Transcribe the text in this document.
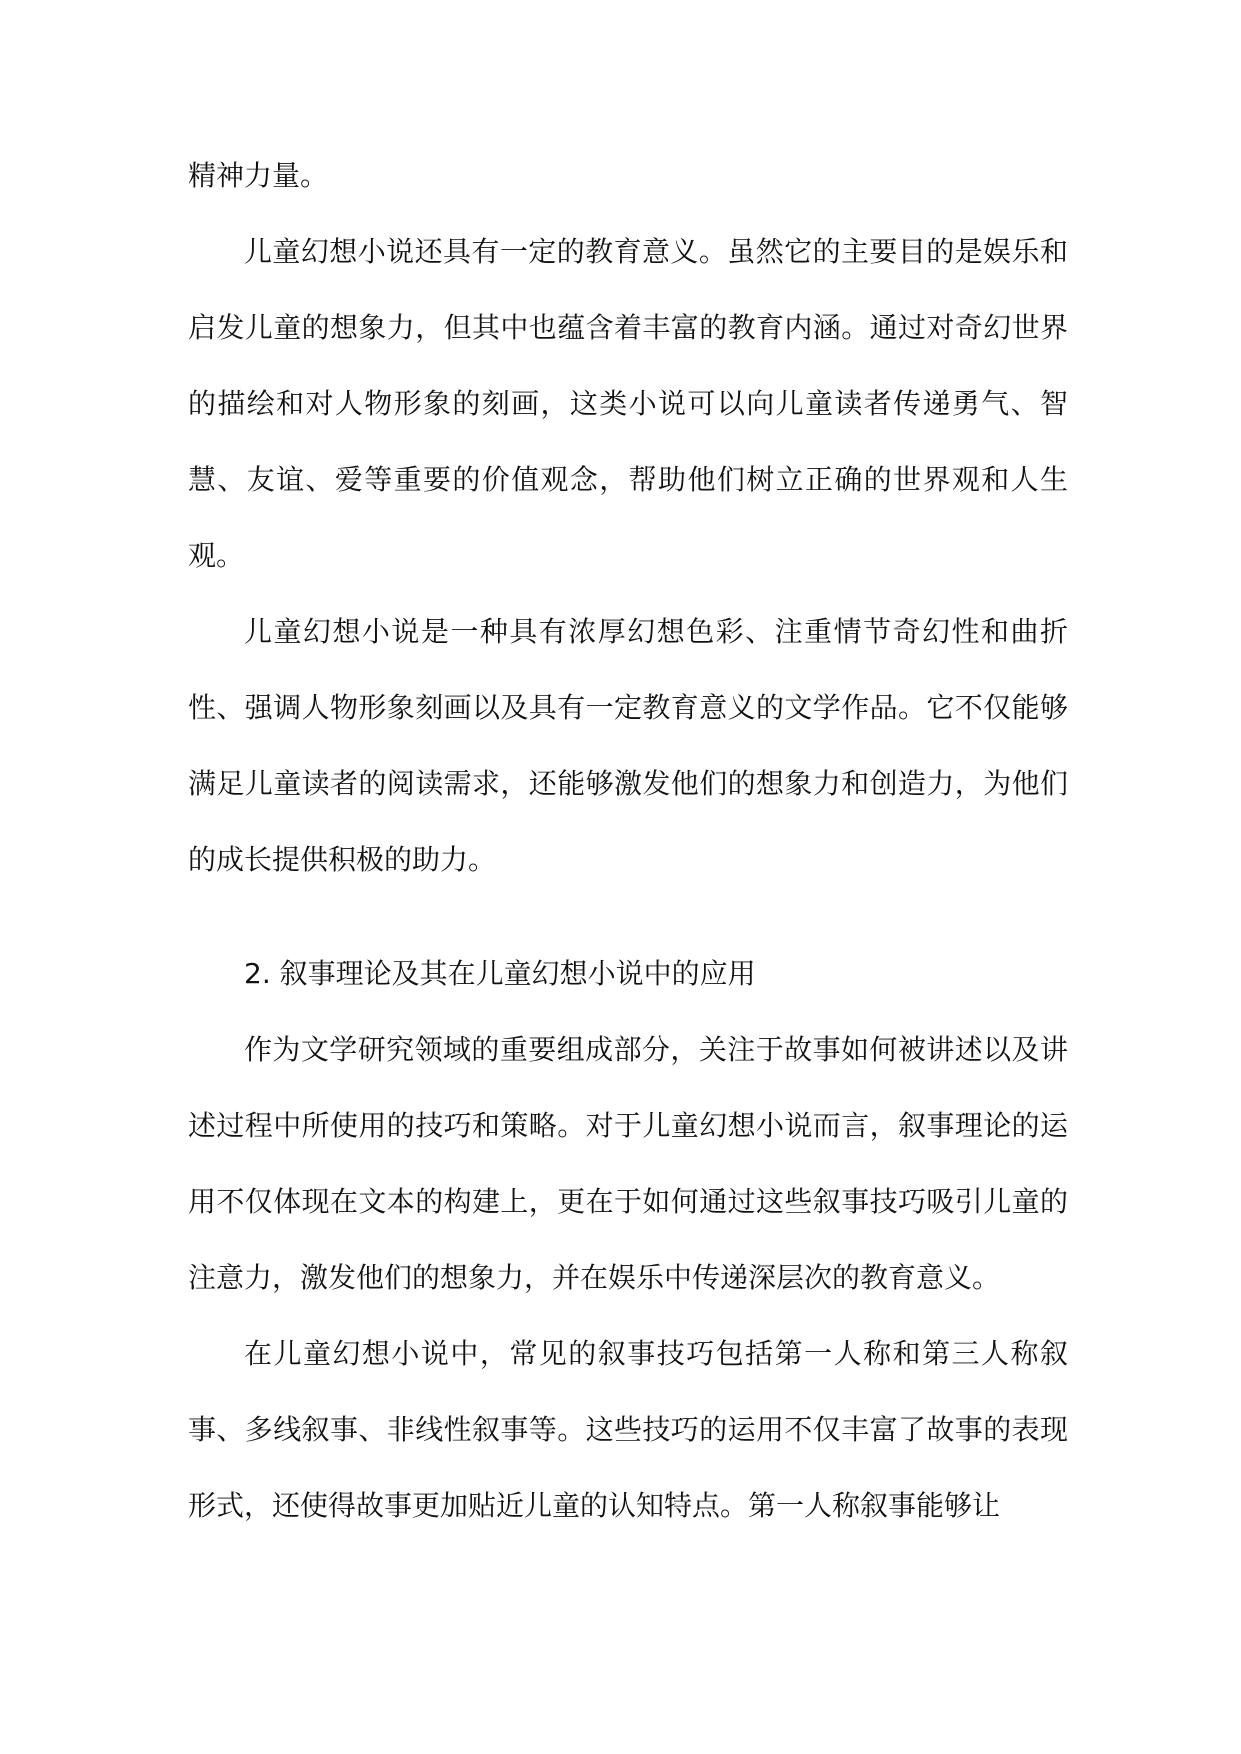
精神力量。

儿童幻想小说还具有一定的教育意义。虽然它的主要目的是娱乐和启发儿童的想象力，但其中也蕴含着丰富的教育内涵。通过对奇幻世界的描绘和对人物形象的刻画，这类小说可以向儿童读者传递勇气、智慧、友谊、爱等重要的价值观念，帮助他们树立正确的世界观和人生观。

儿童幻想小说是一种具有浓厚幻想色彩、注重情节奇幻性和曲折性、强调人物形象刻画以及具有一定教育意义的文学作品。它不仅能够满足儿童读者的阅读需求，还能够激发他们的想象力和创造力，为他们的成长提供积极的助力。

2. 叙事理论及其在儿童幻想小说中的应用

作为文学研究领域的重要组成部分，关注于故事如何被讲述以及讲述过程中所使用的技巧和策略。对于儿童幻想小说而言，叙事理论的运用不仅体现在文本的构建上，更在于如何通过这些叙事技巧吸引儿童的注意力，激发他们的想象力，并在娱乐中传递深层次的教育意义。

在儿童幻想小说中，常见的叙事技巧包括第一人称和第三人称叙事、多线叙事、非线性叙事等。这些技巧的运用不仅丰富了故事的表现形式，还使得故事更加贴近儿童的认知特点。第一人称叙事能够让
